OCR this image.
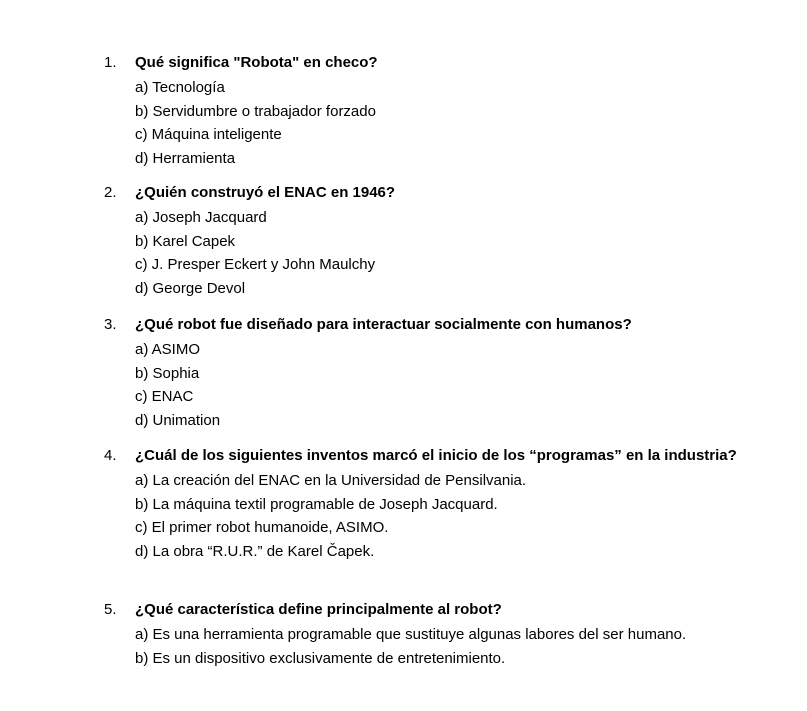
1. Qué significa "Robota" en checo?
a) Tecnología
b) Servidumbre o trabajador forzado
c) Máquina inteligente
d) Herramienta
2. ¿Quién construyó el ENAC en 1946?
a) Joseph Jacquard
b) Karel Capek
c) J. Presper Eckert y John Maulchy
d) George Devol
3. ¿Qué robot fue diseñado para interactuar socialmente con humanos?
a) ASIMO
b) Sophia
c) ENAC
d) Unimation
4. ¿Cuál de los siguientes inventos marcó el inicio de los “programas” en la industria?
a) La creación del ENAC en la Universidad de Pensilvania.
b) La máquina textil programable de Joseph Jacquard.
c) El primer robot humanoide, ASIMO.
d) La obra “R.U.R.” de Karel Čapek.
5. ¿Qué característica define principalmente al robot?
a) Es una herramienta programable que sustituye algunas labores del ser humano.
b) Es un dispositivo exclusivamente de entretenimiento.
